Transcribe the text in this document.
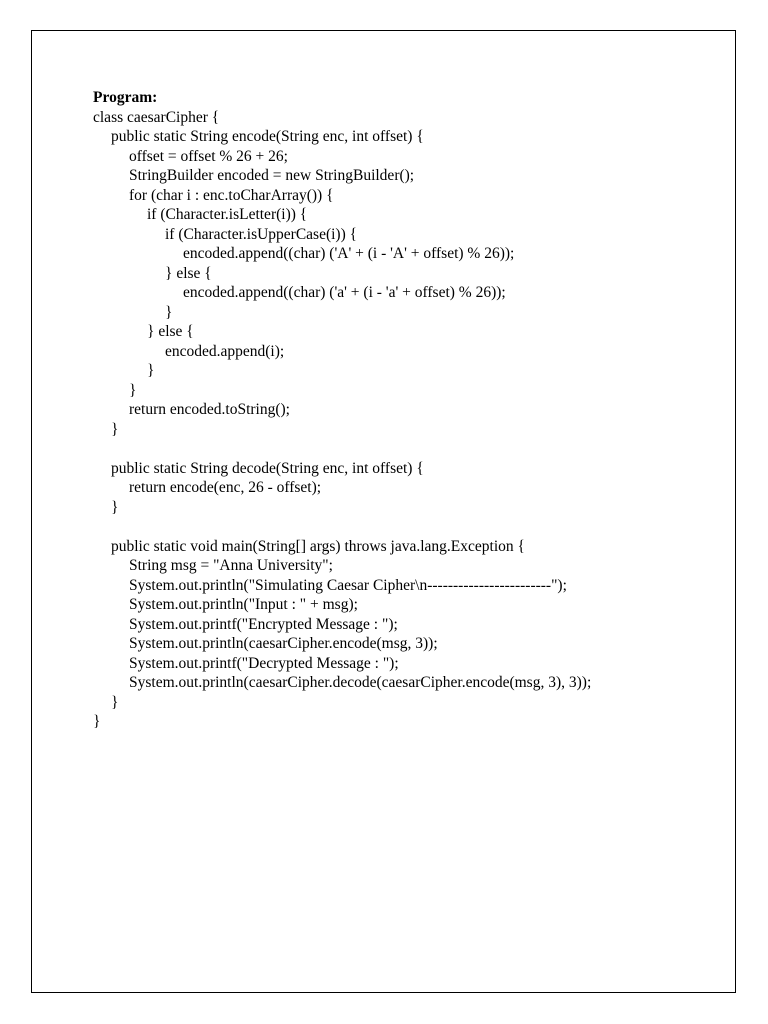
Program:
class caesarCipher {
public static String encode(String enc, int offset) {
offset = offset % 26 + 26;
StringBuilder encoded = new StringBuilder();
for (char i : enc.toCharArray()) {
if (Character.isLetter(i)) {
if (Character.isUpperCase(i)) {
encoded.append((char) ('A' + (i - 'A' + offset) % 26));
} else {
encoded.append((char) ('a' + (i - 'a' + offset) % 26));
}
} else {
encoded.append(i);
}
}
return encoded.toString();
}
public static String decode(String enc, int offset) {
return encode(enc, 26 - offset);
}
public static void main(String[] args) throws java.lang.Exception {
String msg = "Anna University";
System.out.println("Simulating Caesar Cipher\n------------------------");
System.out.println("Input : " + msg);
System.out.printf("Encrypted Message : ");
System.out.println(caesarCipher.encode(msg, 3));
System.out.printf("Decrypted Message : ");
System.out.println(caesarCipher.decode(caesarCipher.encode(msg, 3), 3));
}
}
